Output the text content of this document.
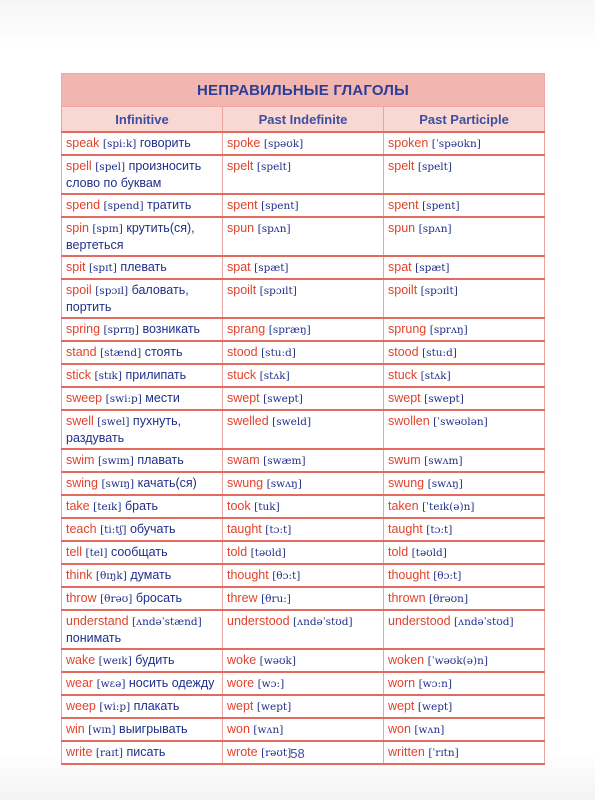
НЕПРАВИЛЬНЫЕ ГЛАГОЛЫ		
Infinitive	Past Indefinite	Past Participle
speak [spi:k] говорить	spoke [spəʊk]	spoken [ˈspəʊkn]
spell [spel] произносить слово по буквам	spelt [spelt]	spelt [spelt]
spend [spend] тратить	spent [spent]	spent [spent]
spin [spɪn] крутить(ся), вертеться	spun [spʌn]	spun [spʌn]
spit [spɪt] плевать	spat [spæt]	spat [spæt]
spoil [spɔɪl] баловать, портить	spoilt [spɔɪlt]	spoilt [spɔɪlt]
spring [sprɪŋ] возникать	sprang [spræŋ]	sprung [sprʌŋ]
stand [stænd] стоять	stood [stu:d]	stood [stu:d]
stick [stɪk] прилипать	stuck [stʌk]	stuck [stʌk]
sweep [swi:p] мести	swept [swept]	swept [swept]
swell [swel] пухнуть, раздувать	swelled [sweld]	swollen [ˈswəʊlən]
swim [swɪm] плавать	swam [swæm]	swum [swʌm]
swing [swɪŋ] качать(ся)	swung [swʌŋ]	swung [swʌŋ]
take [teɪk] брать	took [tuk]	taken [ˈteɪk(ə)n]
teach [ti:tʃ] обучать	taught [tɔ:t]	taught [tɔ:t]
tell [tel] сообщать	told [təʊld]	told [təʊld]
think [θɪŋk] думать	thought [θɔ:t]	thought [θɔ:t]
throw [θrəʊ] бросать	threw [θru:]	thrown [θrəʊn]
understand [ʌndəˈstænd] понимать	understood [ʌndəˈstʊd]	understood [ʌndəˈstʊd]
wake [weɪk] будить	woke [wəʊk]	woken [ˈwəʊk(ə)n]
wear [wɛə] носить одежду	wore [wɔ:]	worn [wɔ:n]
weep [wi:p] плакать	wept [wept]	wept [wept]
win [wɪn] выигрывать	won [wʌn]	won [wʌn]
write [raɪt] писать	wrote [rəʊt]	written [ˈrɪtn]
58
